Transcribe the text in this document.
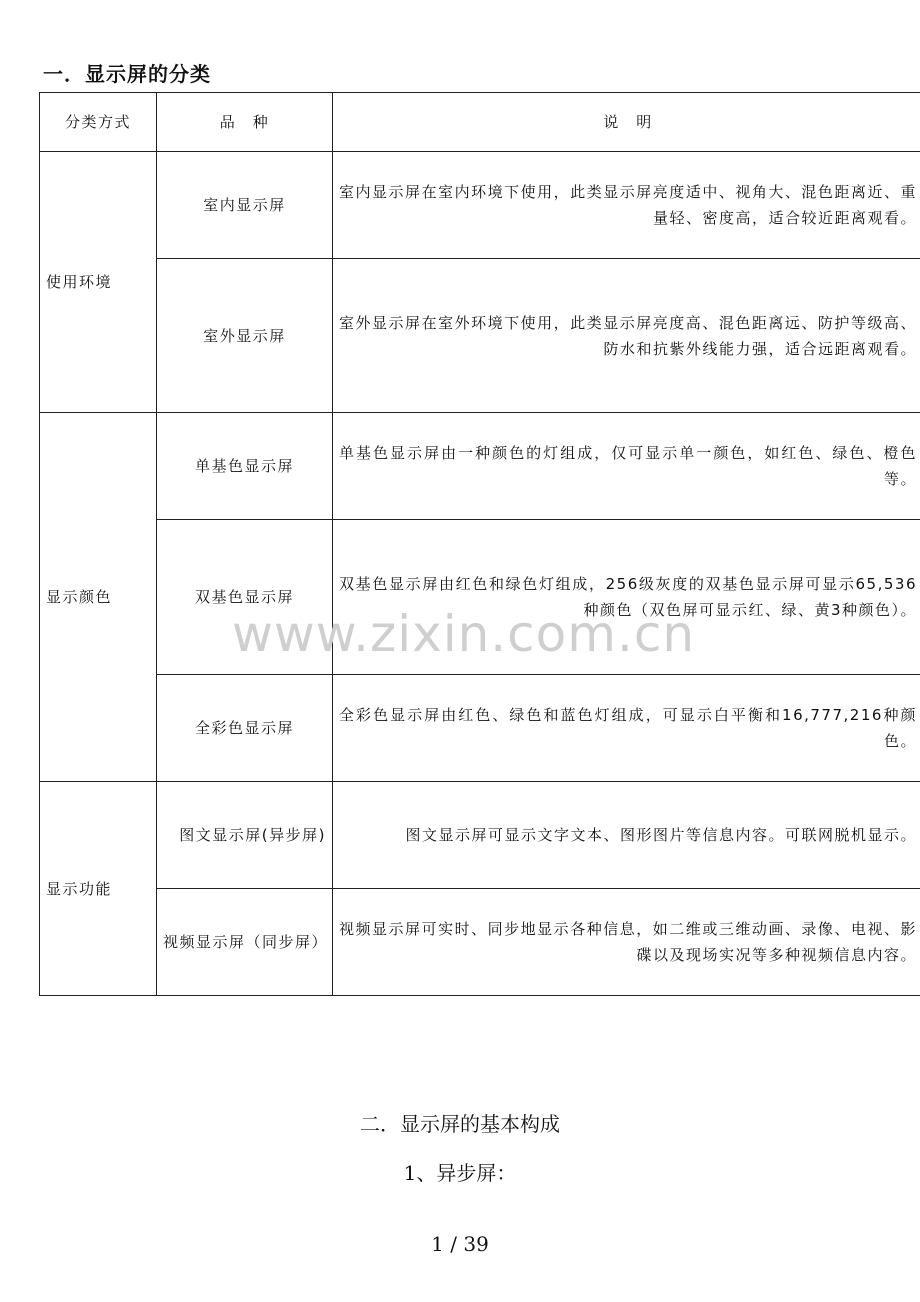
一．显示屏的分类
分类方式	品　种	说　明
使用环境	室内显示屏	室内显示屏在室内环境下使用，此类显示屏亮度适中、视角大、混色距离近、重量轻、密度高，适合较近距离观看。
	室外显示屏	室外显示屏在室外环境下使用，此类显示屏亮度高、混色距离远、防护等级高、防水和抗紫外线能力强，适合远距离观看。
显示颜色	单基色显示屏	单基色显示屏由一种颜色的灯组成，仅可显示单一颜色，如红色、绿色、橙色等。
	双基色显示屏	双基色显示屏由红色和绿色灯组成，256级灰度的双基色显示屏可显示65,536种颜色（双色屏可显示红、绿、黄3种颜色）。
	全彩色显示屏	全彩色显示屏由红色、绿色和蓝色灯组成，可显示白平衡和16,777,216种颜色。
显示功能	图文显示屏(异步屏)	图文显示屏可显示文字文本、图形图片等信息内容。可联网脱机显示。
	视频显示屏（同步屏）	视频显示屏可实时、同步地显示各种信息，如二维或三维动画、录像、电视、影碟以及现场实况等多种视频信息内容。
www.zixin.com.cn
二．显示屏的基本构成
1、异步屏：
1 / 39
